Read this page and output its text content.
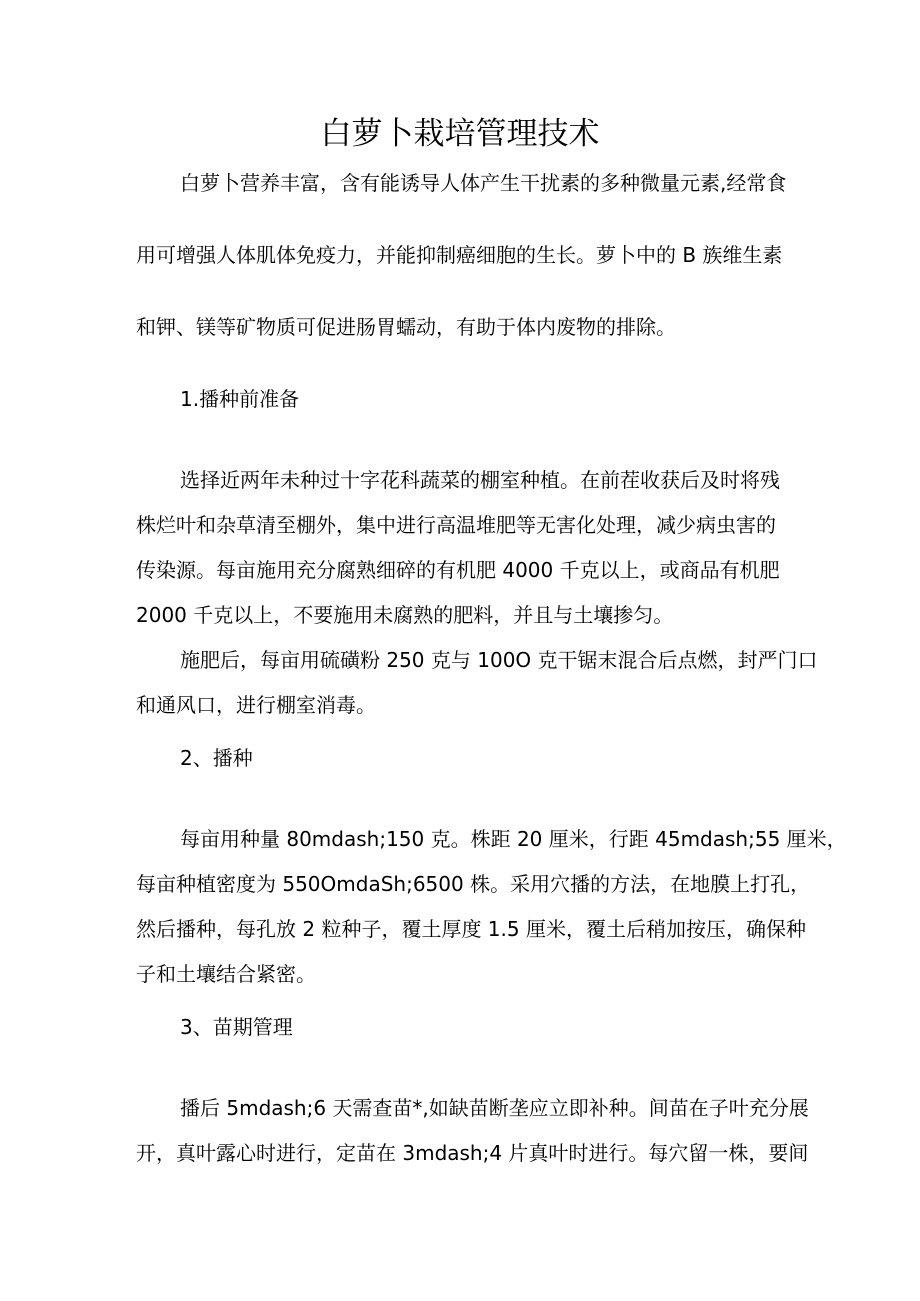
白萝卜栽培管理技术

白萝卜营养丰富，含有能诱导人体产生干扰素的多种微量元素,经常食

用可增强人体肌体免疫力，并能抑制癌细胞的生长。萝卜中的 B 族维生素

和钾、镁等矿物质可促进肠胃蠕动，有助于体内废物的排除。

1.播种前准备

选择近两年未种过十字花科蔬菜的棚室种植。在前茬收获后及时将残

株烂叶和杂草清至棚外，集中进行高温堆肥等无害化处理，减少病虫害的

传染源。每亩施用充分腐熟细碎的有机肥 4000 千克以上，或商品有机肥

2000 千克以上，不要施用未腐熟的肥料，并且与土壤掺匀。

施肥后，每亩用硫磺粉 250 克与 100O 克干锯末混合后点燃，封严门口

和通风口，进行棚室消毒。

2、播种

每亩用种量 80mdash;150 克。株距 20 厘米，行距 45mdash;55 厘米，

每亩种植密度为 550OmdaSh;6500 株。采用穴播的方法，在地膜上打孔，

然后播种，每孔放 2 粒种子，覆土厚度 1.5 厘米，覆土后稍加按压，确保种

子和土壤结合紧密。

3、苗期管理

播后 5mdash;6 天需查苗*,如缺苗断垄应立即补种。间苗在子叶充分展

开，真叶露心时进行，定苗在 3mdash;4 片真叶时进行。每穴留一株，要间
